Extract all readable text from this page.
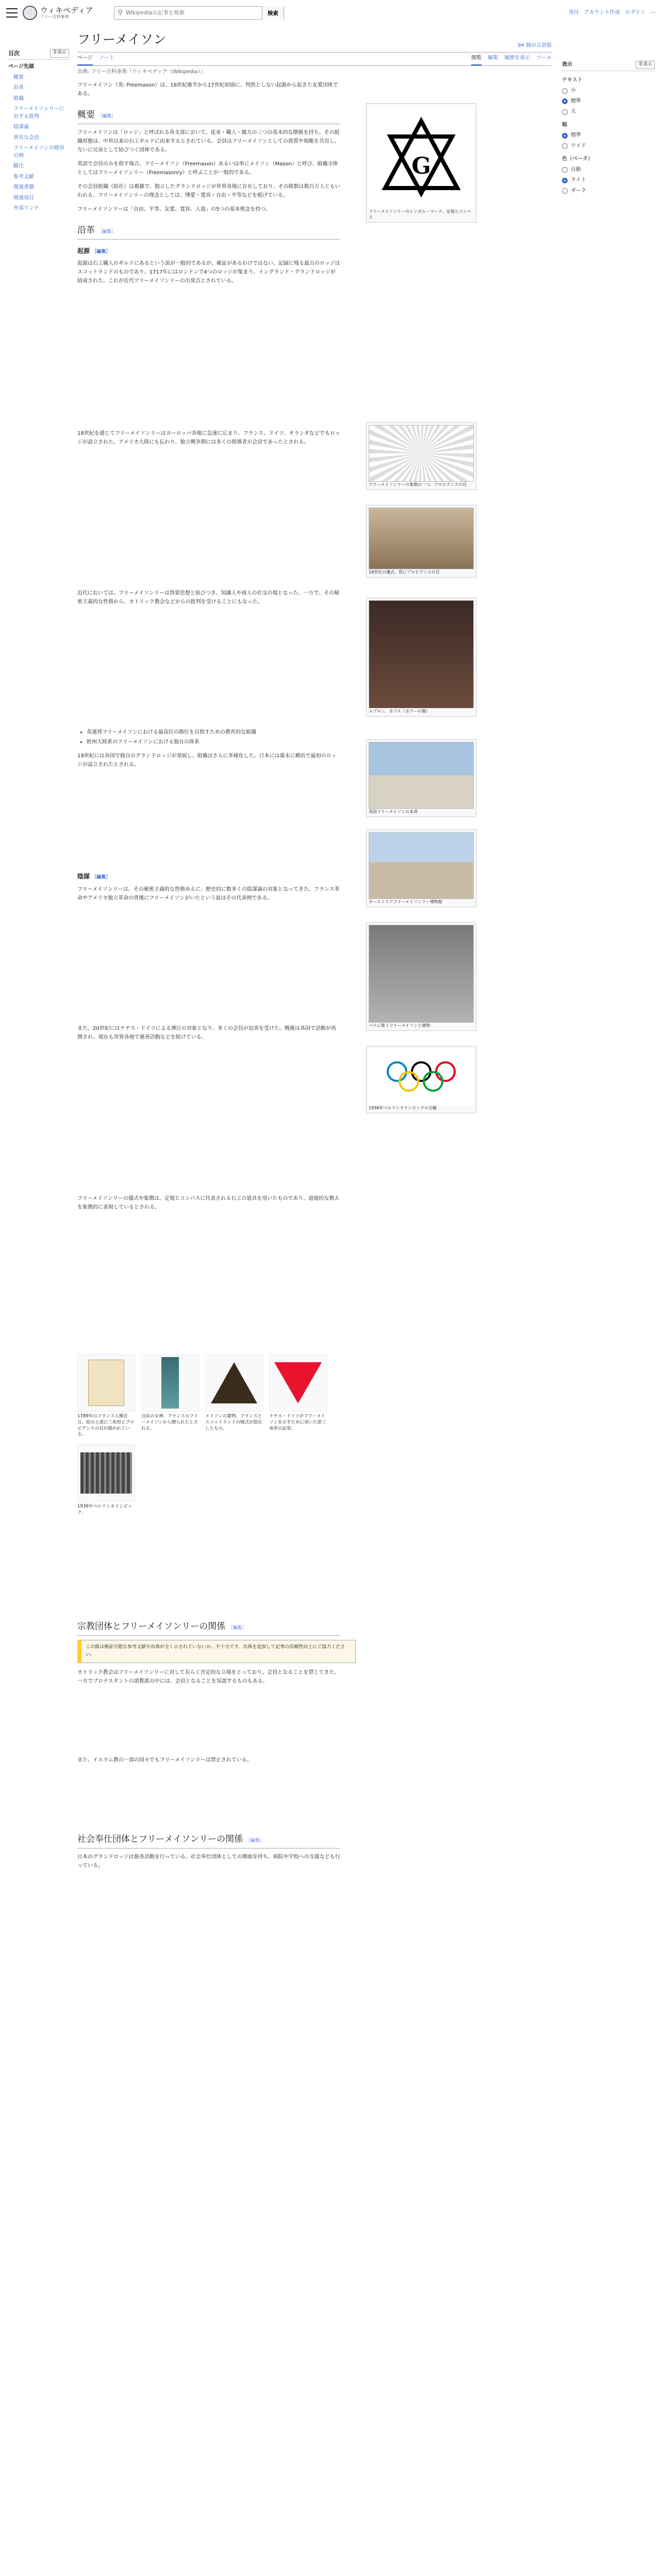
ウィキペディア
フリー百科事典
⚲
Wikipediaの記事を検索	検索	寄付 アカウント作成 ログイン ⋯
目次	非表示
ページ先頭
概要
沿革
組織
フリーメイソンリーに対する批判
陰謀論
著名な会員
フリーメイソンの標章の例
脚注
参考文献
関連書籍
関連項目
外部リンク
フリーメイソン	94 個の言語版
ページ ノート	閲覧 編集 履歴を表示 ツール
出典: フリー百科事典『ウィキペディア（Wikipedia）』

フリーメイソン（英: Freemason）は、16世紀後半から17世紀初頭に、判然としない起源から起きた友愛団体である。

概要 ［編集］

フリーメイソンは「ロッジ」と呼ばれる各支部において、徒弟・職人・親方の三つの基本的な階級を持ち、その組織形態は、中世以来の石工ギルドに由来するとされている。会員はフリーメイソンとしての資質や規範を共有し、互いに兄弟として結びつく団体である。

英語で会員のみを指す場合、フリーメイソン（Freemason）あるいは単にメイソン（Mason）と呼び、組織全体としてはフリーメイソンリー（Freemasonry）と呼ぶことが一般的である。

その会員組織（結社）は複雑で、独立したグランドロッジが世界各地に存在しており、その総数は数百万人ともいわれる。フリーメイソンリーの理念としては、博愛・寛容・自由・平等などを掲げている。

フリーメイソンリーは「自由、平等、友愛、寛容、人道」の5つの基本理念を持つ。

沿革 ［編集］
起源 ［編集］

起源は石工職人のギルドにあるという説が一般的であるが、確証があるわけではない。記録に残る最古のロッジはスコットランドのものであり、1717年にはロンドンで4つのロッジが集まり、イングランド・グランドロッジが結成された。これが近代フリーメイソンリーの出発点とされている。

18世紀を通じてフリーメイソンリーはヨーロッパ各地に急速に広まり、フランス、ドイツ、オランダなどでもロッジが設立された。アメリカ大陸にも伝わり、独立戦争期には多くの指導者が会員であったとされる。

近代においては、フリーメイソンリーは啓蒙思想と結びつき、知識人や商人の社交の場となった。一方で、その秘密主義的な性格から、カトリック教会などからの批判を受けることにもなった。

• 英連邦フリーメイソンにおける最高位の階位を目指すための教育的な組織
• 欧州大陸系のフリーメイソンにおける独自の体系

19世紀には各国で独自のグランドロッジが発展し、組織はさらに多様化した。日本には幕末に横浜で最初のロッジが設立されたとされる。

陰謀 ［編集］

フリーメイソンリーは、その秘密主義的な性格ゆえに、歴史的に数多くの陰謀論の対象となってきた。フランス革命やアメリカ独立革命の背後にフリーメイソンがいたという説はその代表例である。

また、20世紀にはナチス・ドイツによる弾圧の対象となり、多くの会員が迫害を受けた。戦後は各国で活動が再開され、現在も世界各地で慈善活動などを続けている。

フリーメイソンリーの儀式や象徴は、定規とコンパスに代表される石工の道具を用いたものであり、道徳的な教えを象徴的に表現しているとされる。

1789年のフランス人権宣言。絵の上部に三角形とプロビデンスの目が描かれている。
自由の女神。フランスのフリーメイソンから贈られたとされる。
メイソンの建物。フランスとスコットランドの様式が混在したもの。
ナチス・ドイツがフリーメイソンを示すために用いた逆三角形の記章。
1936年ベルリンオリンピック。
宗教団体とフリーメイソンリーの関係 ［編集］
この節は検証可能な参考文献や出典が全く示されていないか、不十分です。出典を追加して記事の信頼性向上にご協力ください。

カトリック教会はフリーメイソンリーに対して長らく否定的な立場をとっており、会員となることを禁じてきた。一方でプロテスタントの諸教派の中には、会員となることを容認するものもある。

また、イスラム教の一部の国々でもフリーメイソンリーは禁止されている。

社会奉仕団体とフリーメイソンリーの関係 ［編集］

日本のグランドロッジは慈善活動を行っている。社会奉仕団体としての側面を持ち、病院や学校への支援なども行っている。

G
フリーメイソンリーのシンボル・マーク。定規とコンパス
フリーメイソンリーの象徴の一つ、プロビデンスの目
18世紀の儀式。祭にプロビデンスの目
エプロン、カフス（カラーの類）
英国フリーメイソンの本部
オーストリアフリーメイソンリー博物館
パリに集うフリーメイソンと建物
1936年ベルリンオリンピックの五輪
表示	非表示
テキスト
小
標準
大
幅
標準
ワイド
色（ベータ）
自動
ライト
ダーク
